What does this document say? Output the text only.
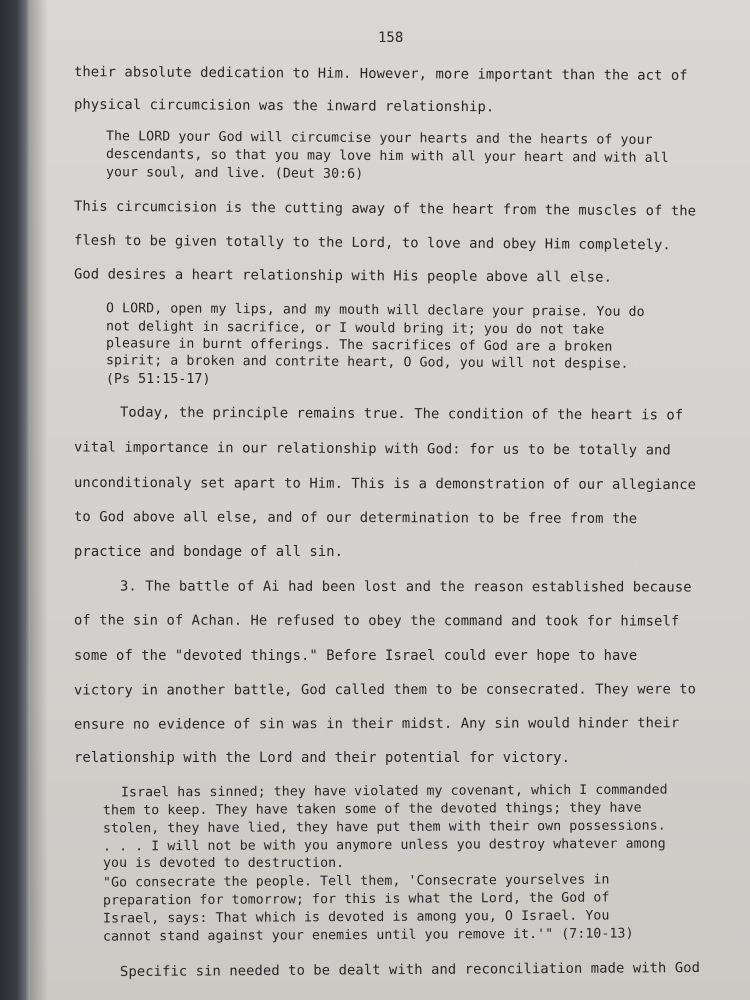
158
their absolute dedication to Him. However, more important than the act of
physical circumcision was the inward relationship.
The LORD your God will circumcise your hearts and the hearts of your
descendants, so that you may love him with all your heart and with all
your soul, and live. (Deut 30:6)
This circumcision is the cutting away of the heart from the muscles of the
flesh to be given totally to the Lord, to love and obey Him completely.
God desires a heart relationship with His people above all else.
O LORD, open my lips, and my mouth will declare your praise. You do
not delight in sacrifice, or I would bring it; you do not take
pleasure in burnt offerings. The sacrifices of God are a broken
spirit; a broken and contrite heart, O God, you will not despise.
(Ps 51:15-17)
Today, the principle remains true. The condition of the heart is of
vital importance in our relationship with God: for us to be totally and
unconditionaly set apart to Him. This is a demonstration of our allegiance
to God above all else, and of our determination to be free from the
practice and bondage of all sin.
3. The battle of Ai had been lost and the reason established because
of the sin of Achan. He refused to obey the command and took for himself
some of the "devoted things." Before Israel could ever hope to have
victory in another battle, God called them to be consecrated. They were to
ensure no evidence of sin was in their midst. Any sin would hinder their
relationship with the Lord and their potential for victory.
Israel has sinned; they have violated my covenant, which I commanded
them to keep. They have taken some of the devoted things; they have
stolen, they have lied, they have put them with their own possessions.
. . . I will not be with you anymore unless you destroy whatever among
you is devoted to destruction.
"Go consecrate the people. Tell them, 'Consecrate yourselves in
preparation for tomorrow; for this is what the Lord, the God of
Israel, says: That which is devoted is among you, O Israel. You
cannot stand against your enemies until you remove it.'" (7:10-13)
Specific sin needed to be dealt with and reconciliation made with God
